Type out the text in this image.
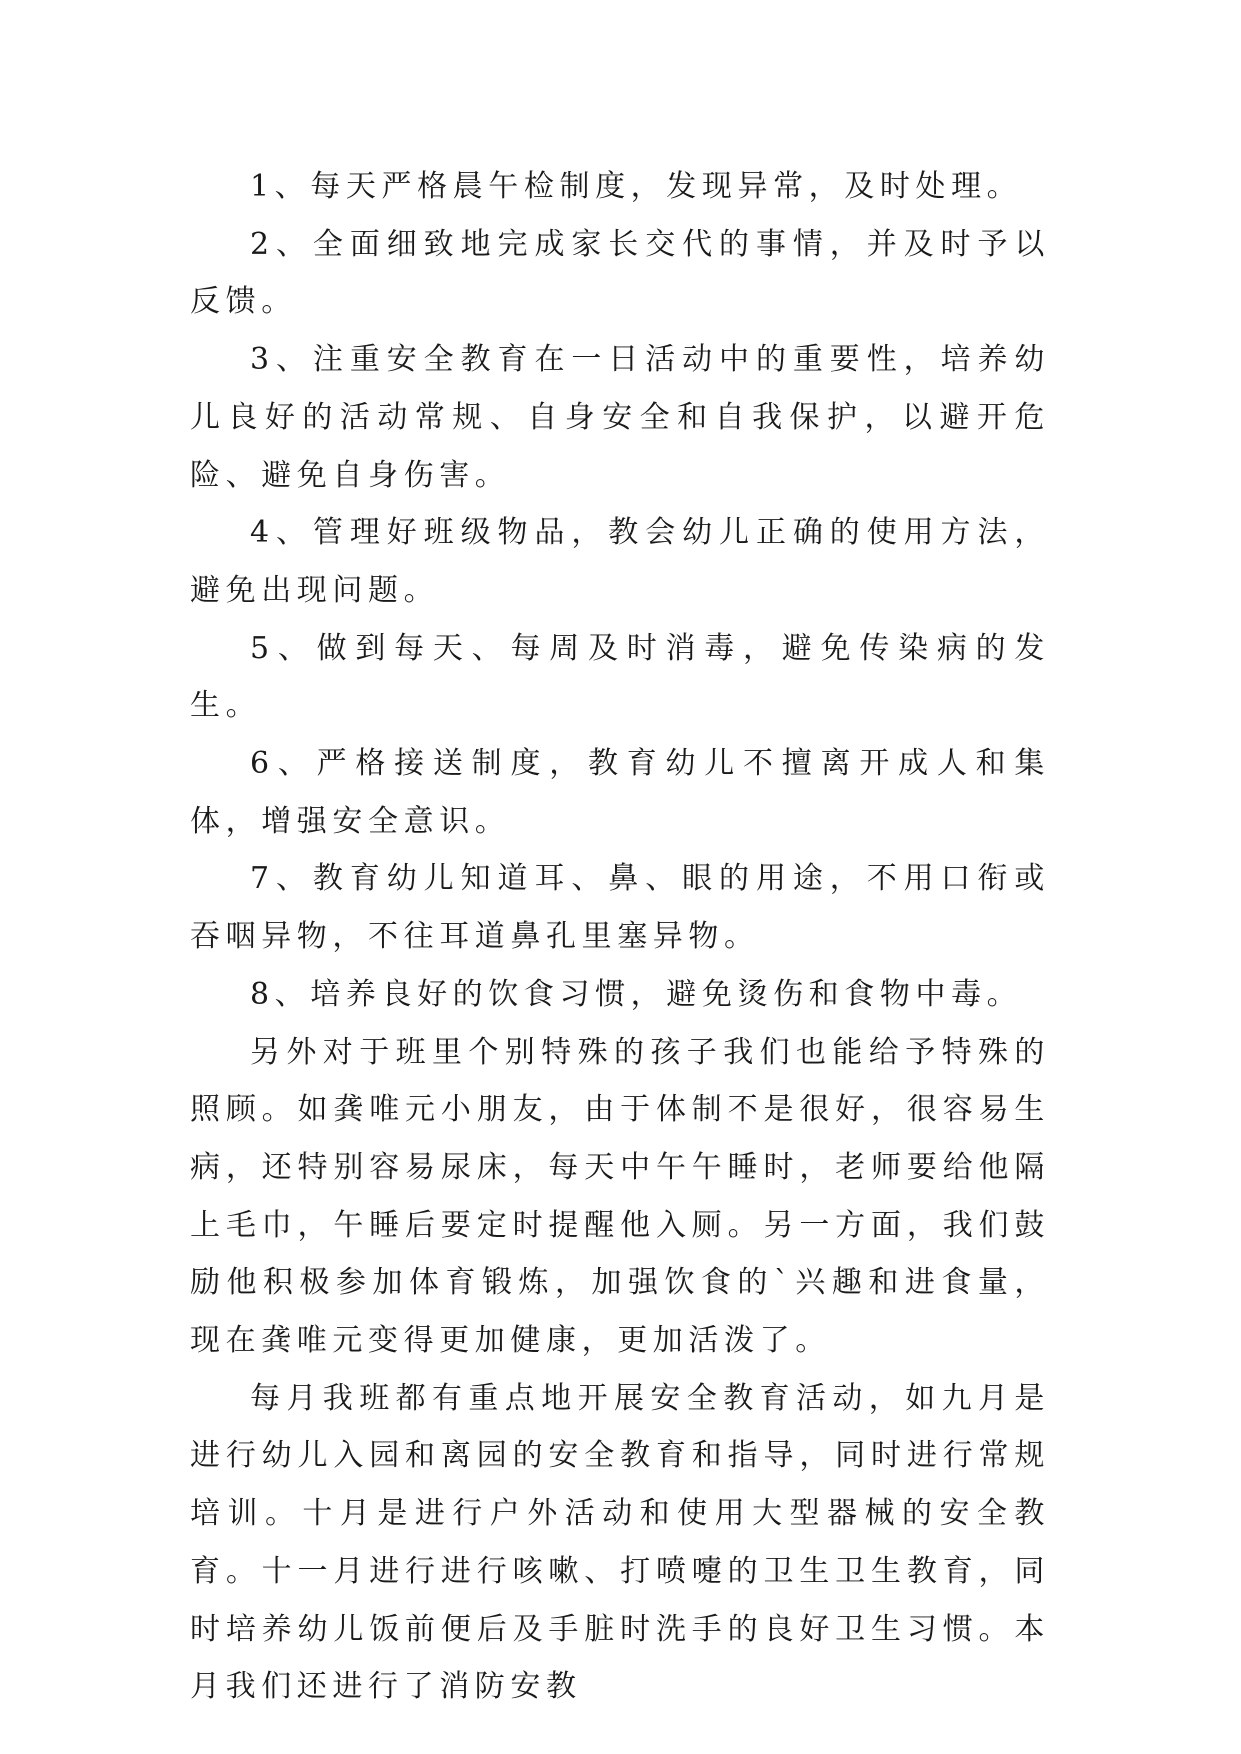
1、每天严格晨午检制度，发现异常，及时处理。

2、全面细致地完成家长交代的事情，并及时予以反馈。

3、注重安全教育在一日活动中的重要性，培养幼儿良好的活动常规、自身安全和自我保护，以避开危险、避免自身伤害。

4、管理好班级物品，教会幼儿正确的使用方法，避免出现问题。

5、做到每天、每周及时消毒，避免传染病的发生。

6、严格接送制度，教育幼儿不擅离开成人和集体，增强安全意识。

7、教育幼儿知道耳、鼻、眼的用途，不用口衔或吞咽异物，不往耳道鼻孔里塞异物。

8、培养良好的饮食习惯，避免烫伤和食物中毒。

另外对于班里个别特殊的孩子我们也能给予特殊的照顾。如龚唯元小朋友，由于体制不是很好，很容易生病，还特别容易尿床，每天中午午睡时，老师要给他隔上毛巾，午睡后要定时提醒他入厕。另一方面，我们鼓励他积极参加体育锻炼，加强饮食的`兴趣和进食量，现在龚唯元变得更加健康，更加活泼了。

每月我班都有重点地开展安全教育活动，如九月是进行幼儿入园和离园的安全教育和指导，同时进行常规培训。十月是进行户外活动和使用大型器械的安全教育。十一月进行进行咳嗽、打喷嚏的卫生卫生教育，同时培养幼儿饭前便后及手脏时洗手的良好卫生习惯。本月我们还进行了消防安教
